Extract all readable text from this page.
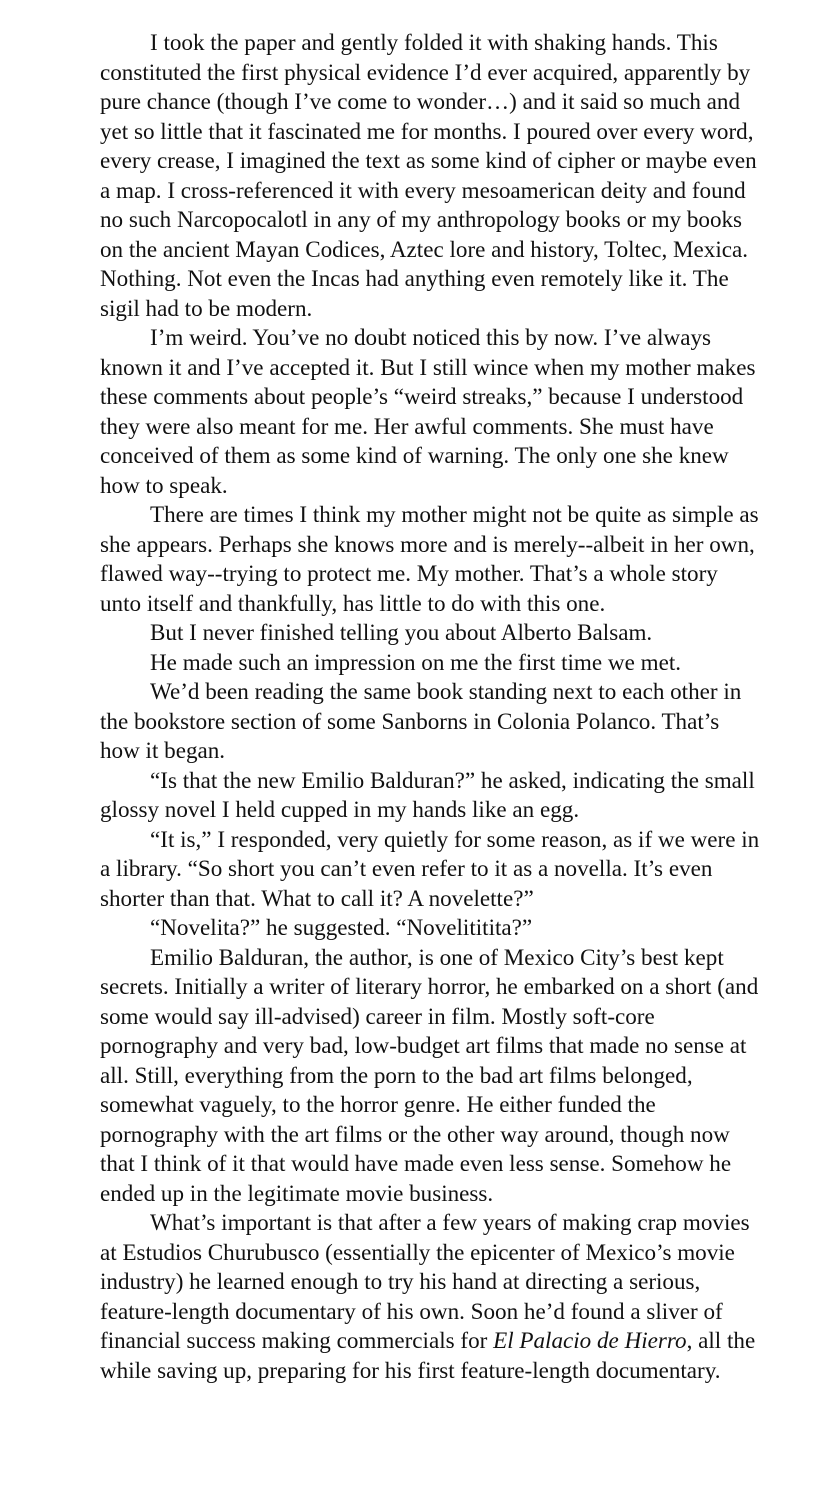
I took the paper and gently folded it with shaking hands. This constituted the first physical evidence I’d ever acquired, apparently by pure chance (though I’ve come to wonder…) and it said so much and yet so little that it fascinated me for months. I poured over every word, every crease, I imagined the text as some kind of cipher or maybe even a map. I cross-referenced it with every mesoamerican deity and found no such Narcopocalotl in any of my anthropology books or my books on the ancient Mayan Codices, Aztec lore and history, Toltec, Mexica. Nothing. Not even the Incas had anything even remotely like it. The sigil had to be modern.

I’m weird. You’ve no doubt noticed this by now. I’ve always known it and I’ve accepted it. But I still wince when my mother makes these comments about people’s “weird streaks,” because I understood they were also meant for me. Her awful comments. She must have conceived of them as some kind of warning. The only one she knew how to speak.

There are times I think my mother might not be quite as simple as she appears. Perhaps she knows more and is merely--albeit in her own, flawed way--trying to protect me. My mother. That’s a whole story unto itself and thankfully, has little to do with this one.

But I never finished telling you about Alberto Balsam.

He made such an impression on me the first time we met.

We’d been reading the same book standing next to each other in the bookstore section of some Sanborns in Colonia Polanco. That’s how it began.

“Is that the new Emilio Balduran?” he asked, indicating the small glossy novel I held cupped in my hands like an egg.

“It is,” I responded, very quietly for some reason, as if we were in a library. “So short you can’t even refer to it as a novella. It’s even shorter than that. What to call it? A novelette?”

“Novelita?” he suggested. “Novelititita?”

Emilio Balduran, the author, is one of Mexico City’s best kept secrets. Initially a writer of literary horror, he embarked on a short (and some would say ill-advised) career in film. Mostly soft-core pornography and very bad, low-budget art films that made no sense at all. Still, everything from the porn to the bad art films belonged, somewhat vaguely, to the horror genre. He either funded the pornography with the art films or the other way around, though now that I think of it that would have made even less sense. Somehow he ended up in the legitimate movie business.

What’s important is that after a few years of making crap movies at Estudios Churubusco (essentially the epicenter of Mexico’s movie industry) he learned enough to try his hand at directing a serious, feature-length documentary of his own. Soon he’d found a sliver of financial success making commercials for El Palacio de Hierro, all the while saving up, preparing for his first feature-length documentary.
